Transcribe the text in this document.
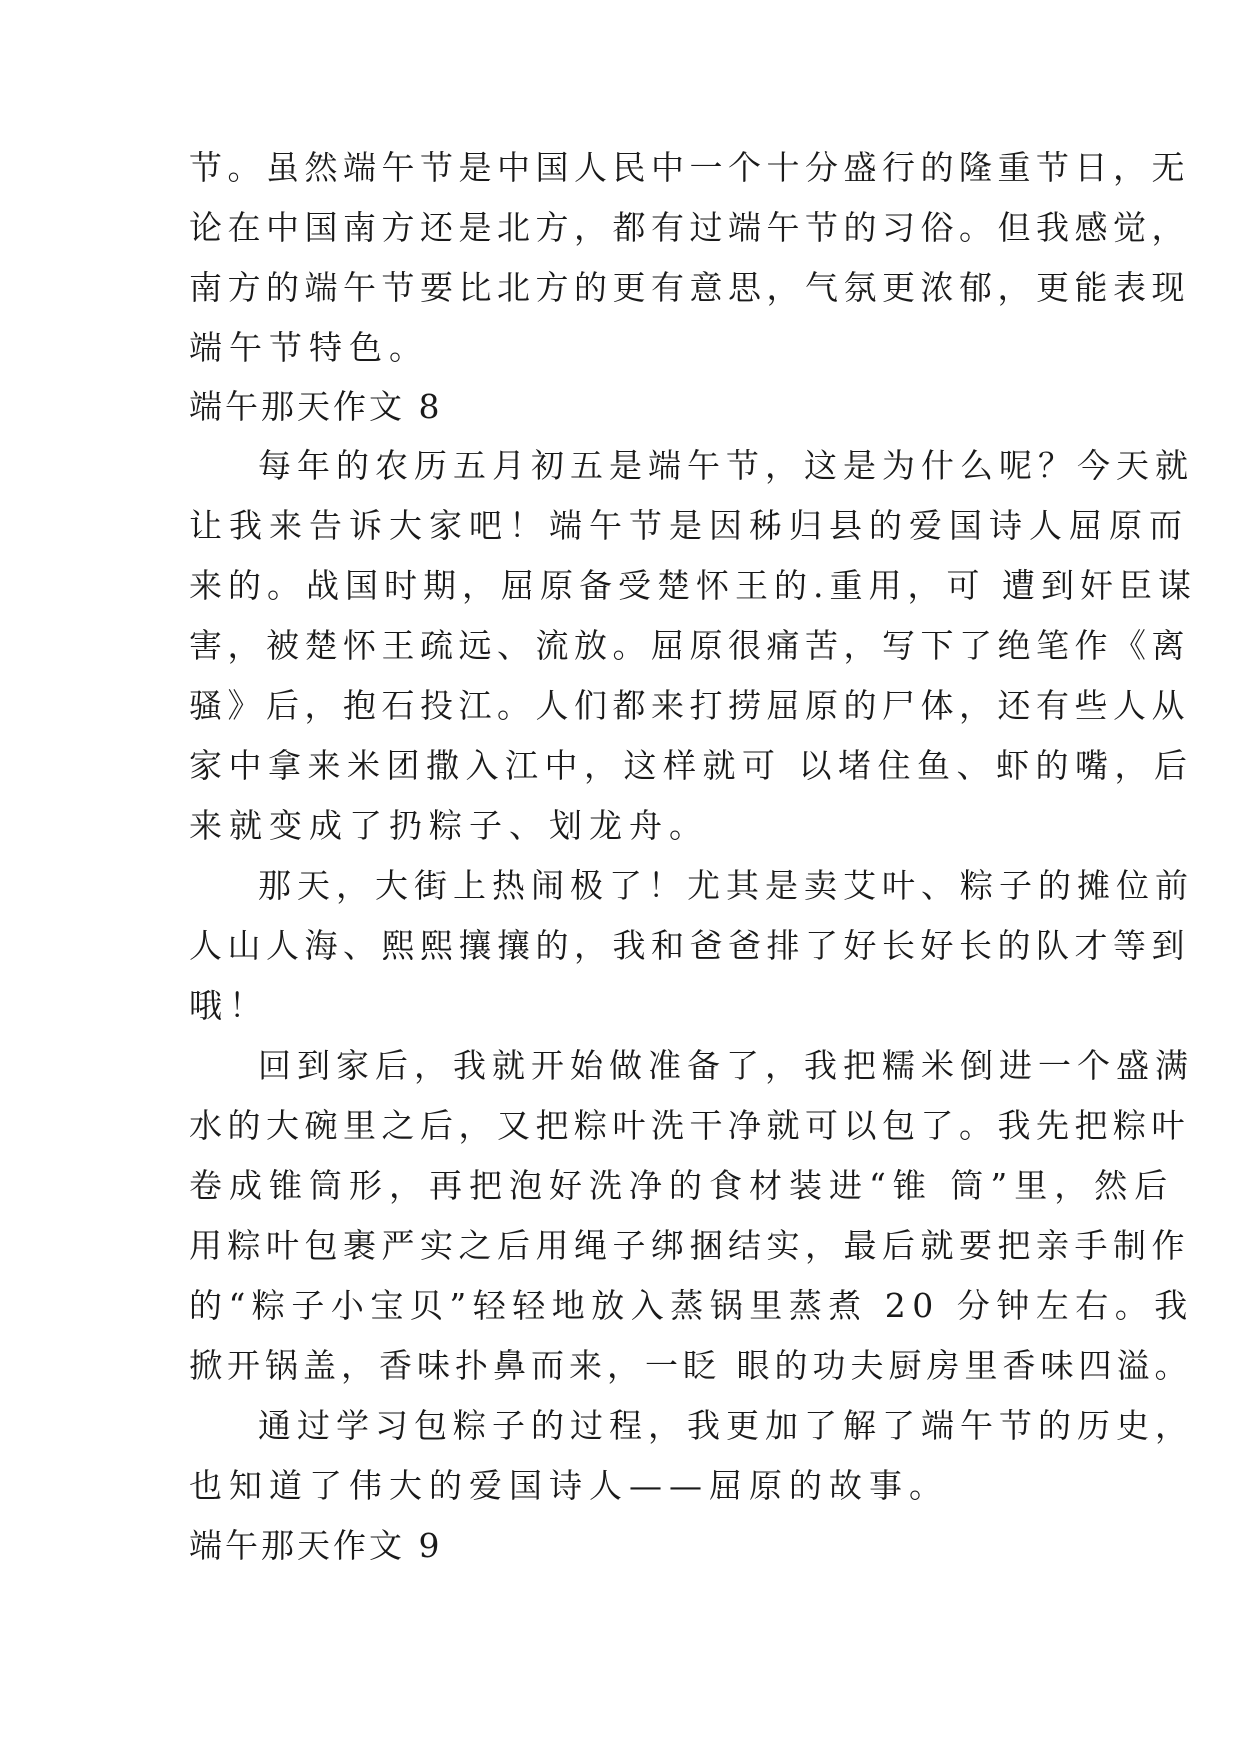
节。虽然端午节是中国人民中一个十分盛行的隆重节日，无
论在中国南方还是北方，都有过端午节的习俗。但我感觉，
南方的端午节要比北方的更有意思，气氛更浓郁，更能表现
端午节特色。
端午那天作文 8
每年的农历五月初五是端午节，这是为什么呢？今天就
让我来告诉大家吧！端午节是因秭归县的爱国诗人屈原而
来的。战国时期，屈原备受楚怀王的.重用，可 遭到奸臣谋
害，被楚怀王疏远、流放。屈原很痛苦，写下了绝笔作《离
骚》后，抱石投江。人们都来打捞屈原的尸体，还有些人从
家中拿来米团撒入江中，这样就可 以堵住鱼、虾的嘴，后
来就变成了扔粽子、划龙舟。
那天，大街上热闹极了！尤其是卖艾叶、粽子的摊位前
人山人海、熙熙攘攘的，我和爸爸排了好长好长的队才等到
哦！
回到家后，我就开始做准备了，我把糯米倒进一个盛满
水的大碗里之后，又把粽叶洗干净就可以包了。我先把粽叶
卷成锥筒形，再把泡好洗净的食材装进“锥 筒”里，然后
用粽叶包裹严实之后用绳子绑捆结实，最后就要把亲手制作
的“粽子小宝贝”轻轻地放入蒸锅里蒸煮 20 分钟左右。我
掀开锅盖，香味扑鼻而来，一眨 眼的功夫厨房里香味四溢。
通过学习包粽子的过程，我更加了解了端午节的历史，
也知道了伟大的爱国诗人——屈原的故事。
端午那天作文 9
